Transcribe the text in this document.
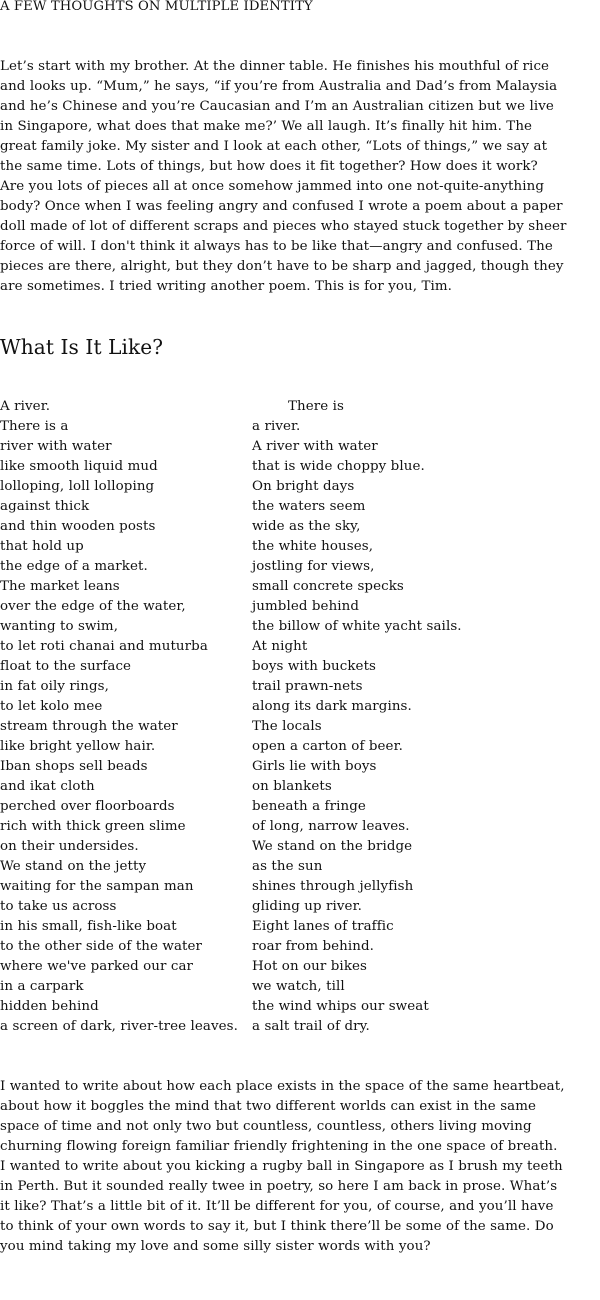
A FEW THOUGHTS ON MULTIPLE IDENTITY
Let’s start with my brother. At the dinner table. He finishes his mouthful of rice
and looks up. “Mum,” he says, “if you’re from Australia and Dad’s from Malaysia
and he’s Chinese and you’re Caucasian and I’m an Australian citizen but we live
in Singapore, what does that make me?’ We all laugh. It’s finally hit him. The
great family joke. My sister and I look at each other, “Lots of things,” we say at
the same time. Lots of things, but how does it fit together? How does it work?
Are you lots of pieces all at once somehow jammed into one not-quite-anything
body? Once when I was feeling angry and confused I wrote a poem about a paper
doll made of lot of different scraps and pieces who stayed stuck together by sheer
force of will. I don't think it always has to be like that—angry and confused. The
pieces are there, alright, but they don’t have to be sharp and jagged, though they
are sometimes. I tried writing another poem. This is for you, Tim.
What Is It Like?
A river.
There is a
river with water
like smooth liquid mud
lolloping, loll lolloping
against thick
and thin wooden posts
that hold up
the edge of a market.
The market leans
over the edge of the water,
wanting to swim,
to let roti chanai and muturba
float to the surface
in fat oily rings,
to let kolo mee
stream through the water
like bright yellow hair.
Iban shops sell beads
and ikat cloth
perched over floorboards
rich with thick green slime
on their undersides.
We stand on the jetty
waiting for the sampan man
to take us across
in his small, fish-like boat
to the other side of the water
where we've parked our car
in a carpark
hidden behind
a screen of dark, river-tree leaves.
There is
a river.
A river with water
that is wide choppy blue.
On bright days
the waters seem
wide as the sky,
the white houses,
jostling for views,
small concrete specks
jumbled behind
the billow of white yacht sails.
At night
boys with buckets
trail prawn-nets
along its dark margins.
The locals
open a carton of beer.
Girls lie with boys
on blankets
beneath a fringe
of long, narrow leaves.
We stand on the bridge
as the sun
shines through jellyfish
gliding up river.
Eight lanes of traffic
roar from behind.
Hot on our bikes
we watch, till
the wind whips our sweat
a salt trail of dry.
I wanted to write about how each place exists in the space of the same heartbeat,
about how it boggles the mind that two different worlds can exist in the same
space of time and not only two but countless, countless, others living moving
churning flowing foreign familiar friendly frightening in the one space of breath.
I wanted to write about you kicking a rugby ball in Singapore as I brush my teeth
in Perth. But it sounded really twee in poetry, so here I am back in prose. What’s
it like? That’s a little bit of it. It’ll be different for you, of course, and you’ll have
to think of your own words to say it, but I think there’ll be some of the same. Do
you mind taking my love and some silly sister words with you?
